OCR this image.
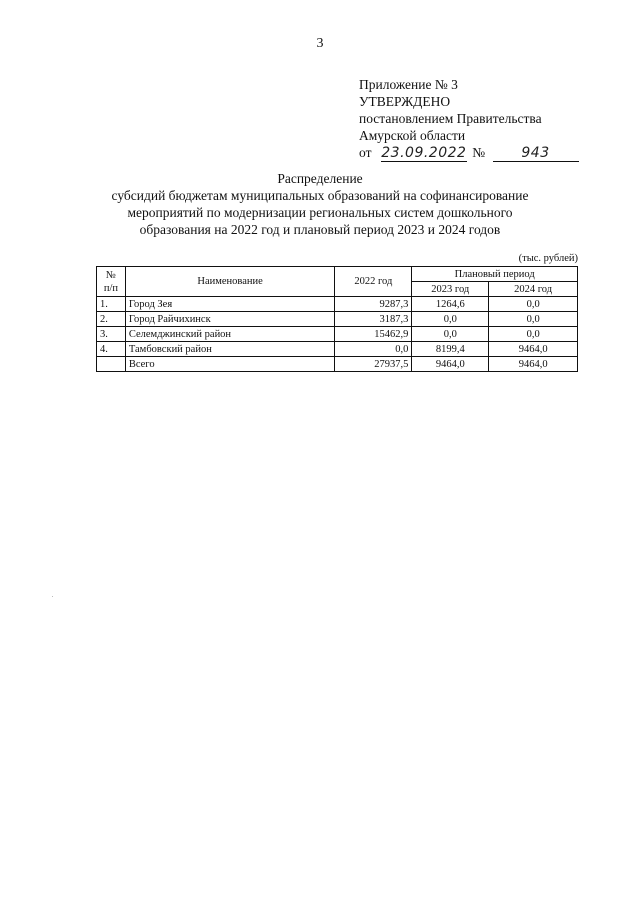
3
Приложение № 3
УТВЕРЖДЕНО
постановлением Правительства
Амурской области
от 23.09.2022 №	943
Распределение
субсидий бюджетам муниципальных образований на софинансирование
мероприятий по модернизации региональных систем дошкольного
образования на 2022 год и плановый период 2023 и 2024 годов
(тыс. рублей)
№
п/п	Наименование	2022 год	Плановый период	
			2023 год	2024 год
1.	Город Зея	9287,3	1264,6	0,0
2.	Город Райчихинск	3187,3	0,0	0,0
3.	Селемджинский район	15462,9	0,0	0,0
4.	Тамбовский район	0,0	8199,4	9464,0
	Всего	27937,5	9464,0	9464,0
